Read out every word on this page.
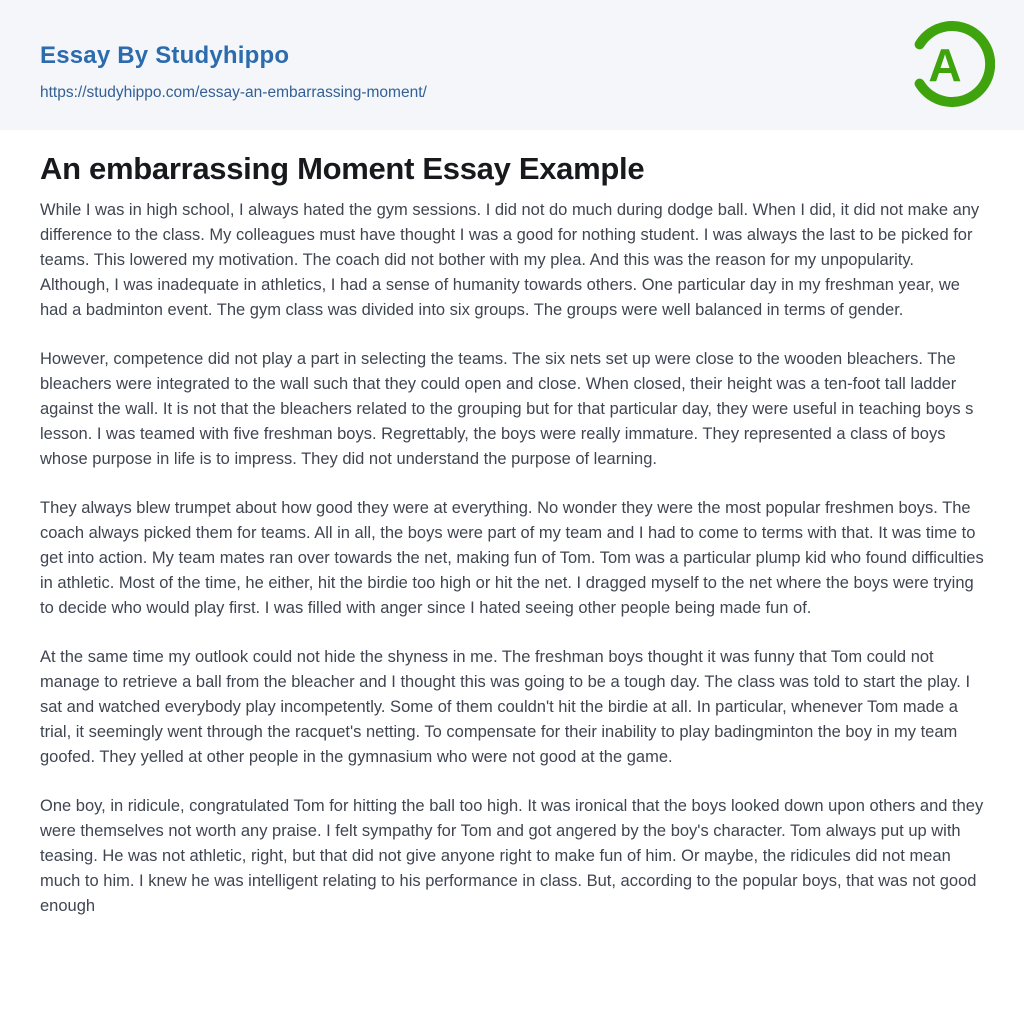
Essay By Studyhippo
https://studyhippo.com/essay-an-embarrassing-moment/
A
An embarrassing Moment Essay Example

While I was in high school, I always hated the gym sessions. I did not do much during dodge ball. When I did, it did not make any difference to the class. My colleagues must have thought I was a good for nothing student. I was always the last to be picked for teams. This lowered my motivation. The coach did not bother with my plea. And this was the reason for my unpopularity. Although, I was inadequate in athletics, I had a sense of humanity towards others. One particular day in my freshman year, we had a badminton event. The gym class was divided into six groups. The groups were well balanced in terms of gender.

However, competence did not play a part in selecting the teams. The six nets set up were close to the wooden bleachers. The bleachers were integrated to the wall such that they could open and close. When closed, their height was a ten-foot tall ladder against the wall. It is not that the bleachers related to the grouping but for that particular day, they were useful in teaching boys s lesson. I was teamed with five freshman boys. Regrettably, the boys were really immature. They represented a class of boys whose purpose in life is to impress. They did not understand the purpose of learning.

They always blew trumpet about how good they were at everything. No wonder they were the most popular freshmen boys. The coach always picked them for teams. All in all, the boys were part of my team and I had to come to terms with that. It was time to get into action. My team mates ran over towards the net, making fun of Tom. Tom was a particular plump kid who found difficulties in athletic. Most of the time, he either, hit the birdie too high or hit the net. I dragged myself to the net where the boys were trying to decide who would play first. I was filled with anger since I hated seeing other people being made fun of.

At the same time my outlook could not hide the shyness in me. The freshman boys thought it was funny that Tom could not manage to retrieve a ball from the bleacher and I thought this was going to be a tough day. The class was told to start the play. I sat and watched everybody play incompetently. Some of them couldn't hit the birdie at all. In particular, whenever Tom made a trial, it seemingly went through the racquet's netting. To compensate for their inability to play badingminton the boy in my team goofed. They yelled at other people in the gymnasium who were not good at the game.

One boy, in ridicule, congratulated Tom for hitting the ball too high. It was ironical that the boys looked down upon others and they were themselves not worth any praise. I felt sympathy for Tom and got angered by the boy's character. Tom always put up with teasing. He was not athletic, right, but that did not give anyone right to make fun of him. Or maybe, the ridicules did not mean much to him. I knew he was intelligent relating to his performance in class. But, according to the popular boys, that was not good enough
